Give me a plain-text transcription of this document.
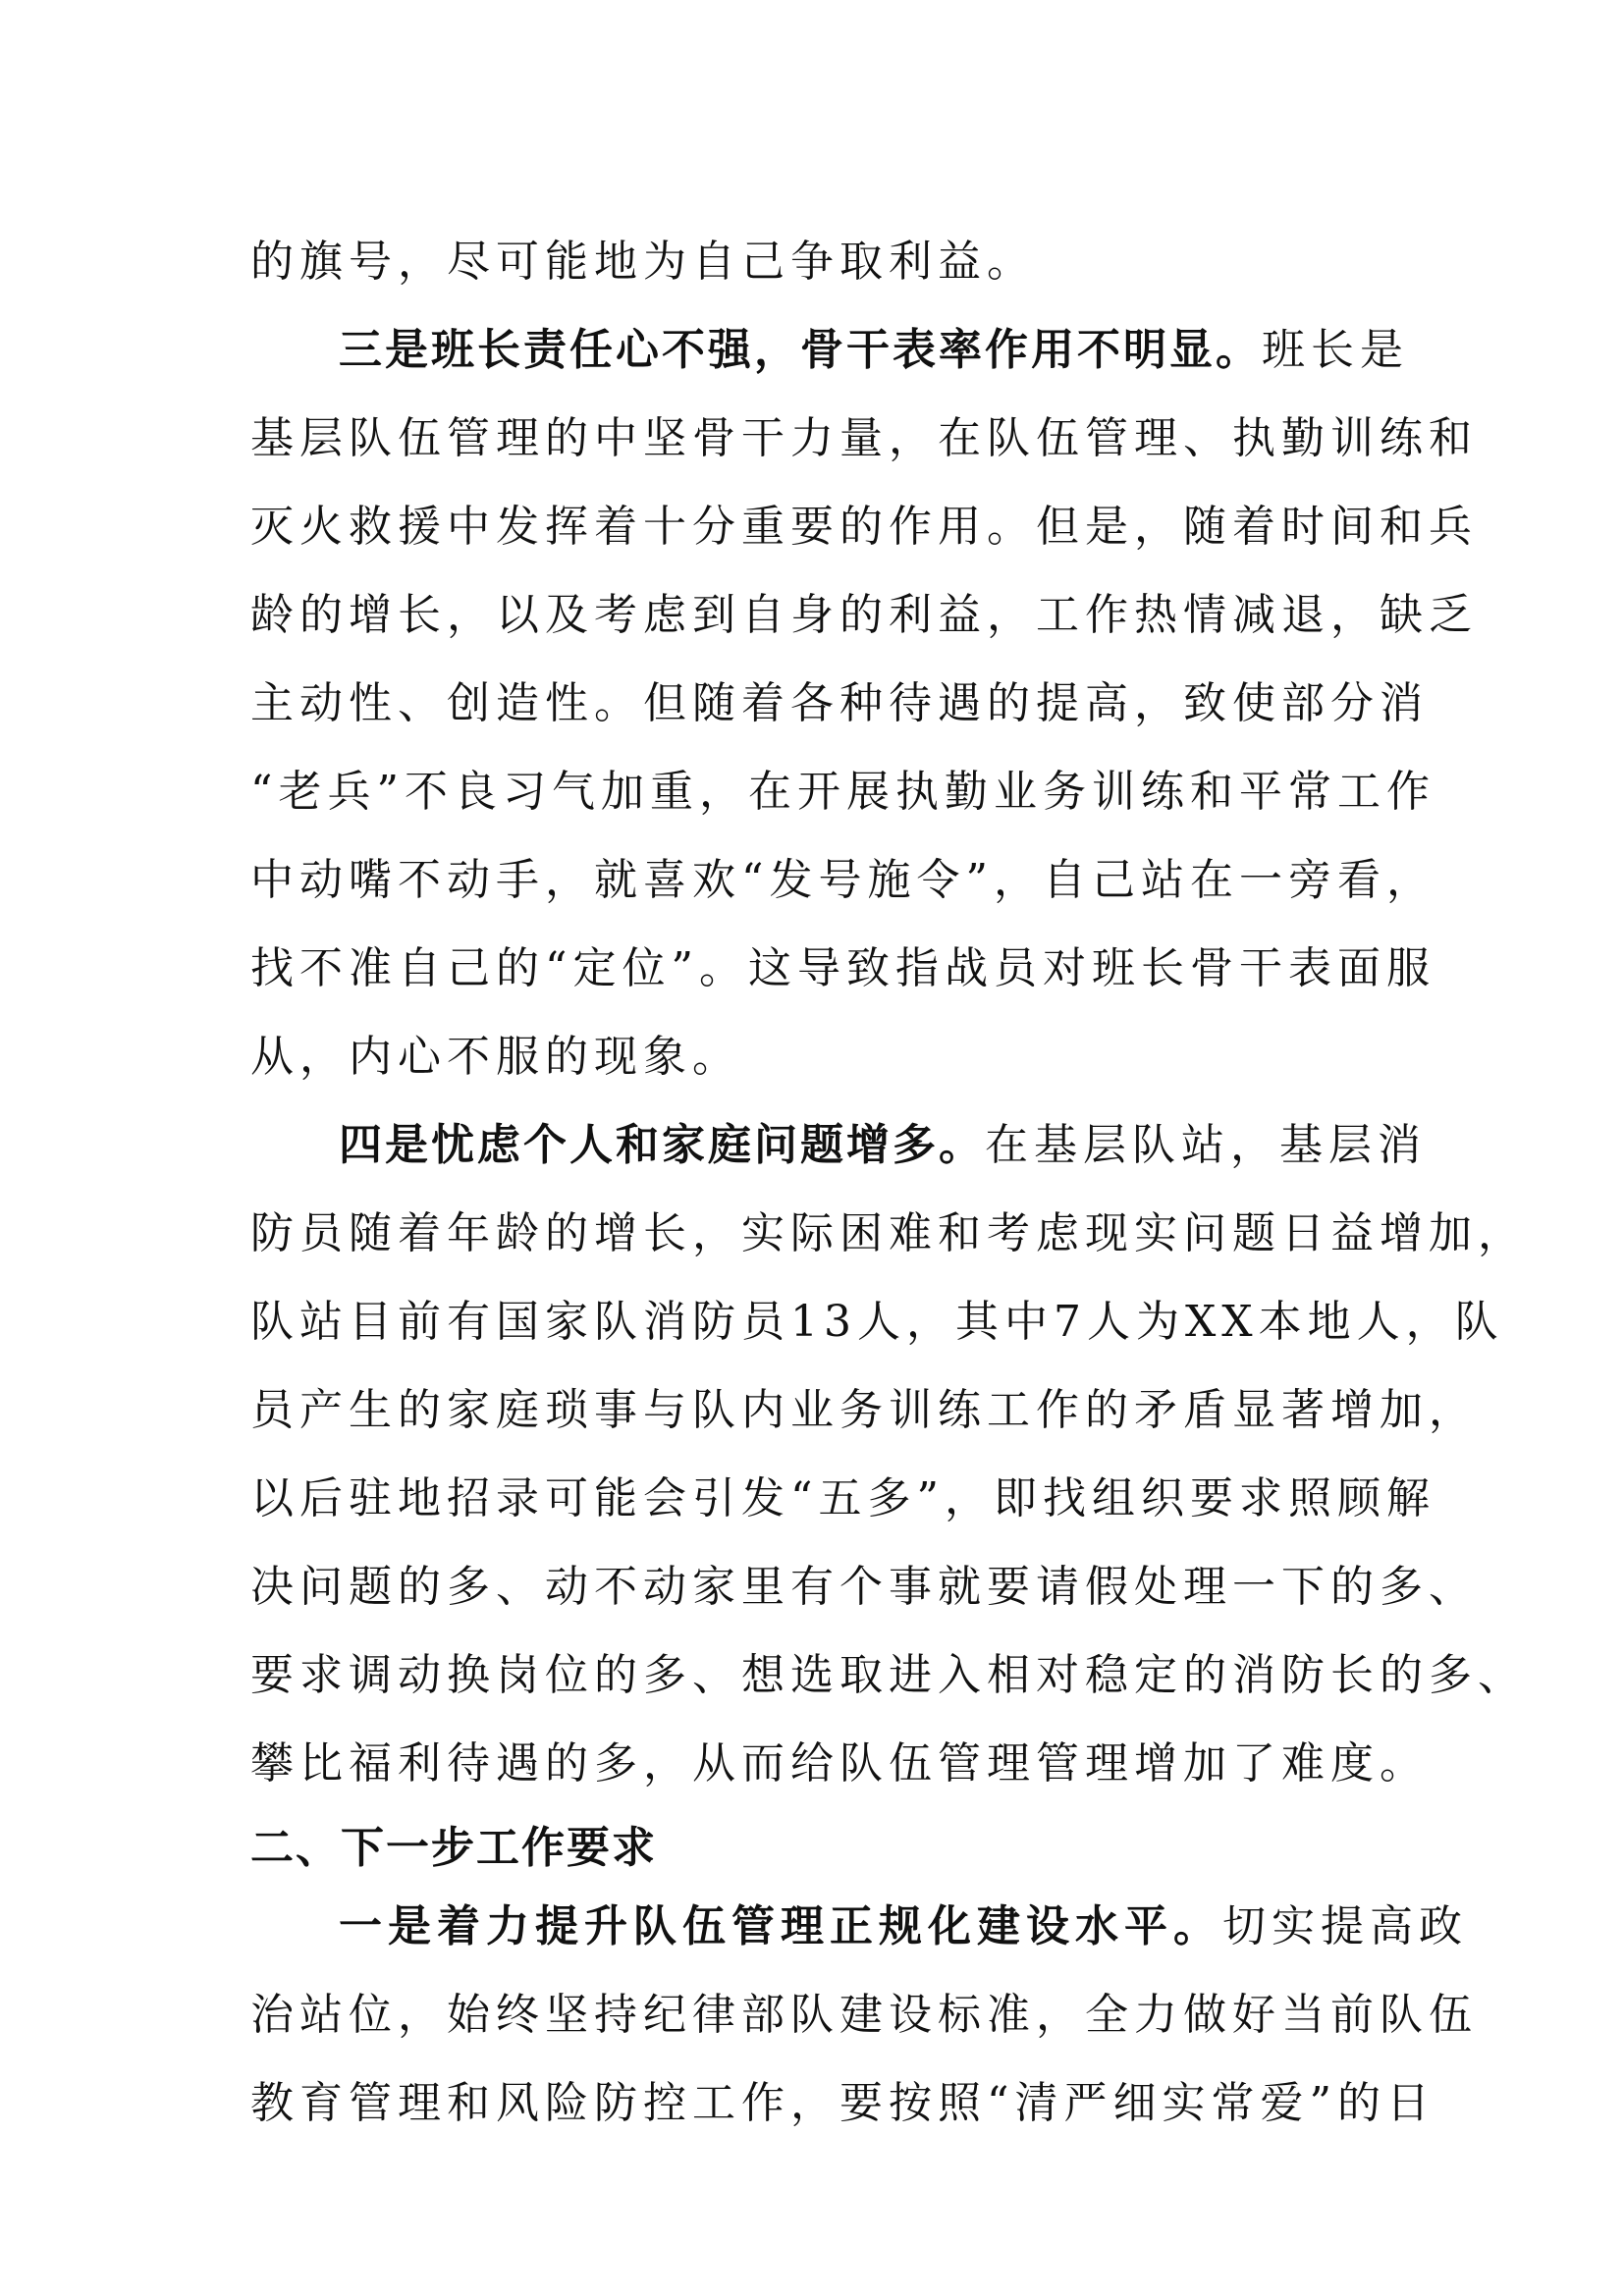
的旗号，尽可能地为自己争取利益。
三是班长责任心不强，骨干表率作用不明显。班长是
基层队伍管理的中坚骨干力量，在队伍管理、执勤训练和
灭火救援中发挥着十分重要的作用。但是，随着时间和兵
龄的增长，以及考虑到自身的利益，工作热情减退，缺乏
主动性、创造性。但随着各种待遇的提高，致使部分消
“老兵”不良习气加重，在开展执勤业务训练和平常工作
中动嘴不动手，就喜欢“发号施令”，自己站在一旁看，
找不准自己的“定位”。这导致指战员对班长骨干表面服
从，内心不服的现象。
四是忧虑个人和家庭问题增多。在基层队站，基层消
防员随着年龄的增长，实际困难和考虑现实问题日益增加，
队站目前有国家队消防员13人，其中7人为XX本地人，队
员产生的家庭琐事与队内业务训练工作的矛盾显著增加，
以后驻地招录可能会引发“五多”，即找组织要求照顾解
决问题的多、动不动家里有个事就要请假处理一下的多、
要求调动换岗位的多、想选取进入相对稳定的消防长的多、
攀比福利待遇的多，从而给队伍管理管理增加了难度。
二、下一步工作要求
一是着力提升队伍管理正规化建设水平。切实提高政
治站位，始终坚持纪律部队建设标准，全力做好当前队伍
教育管理和风险防控工作，要按照“清严细实常爱”的日
